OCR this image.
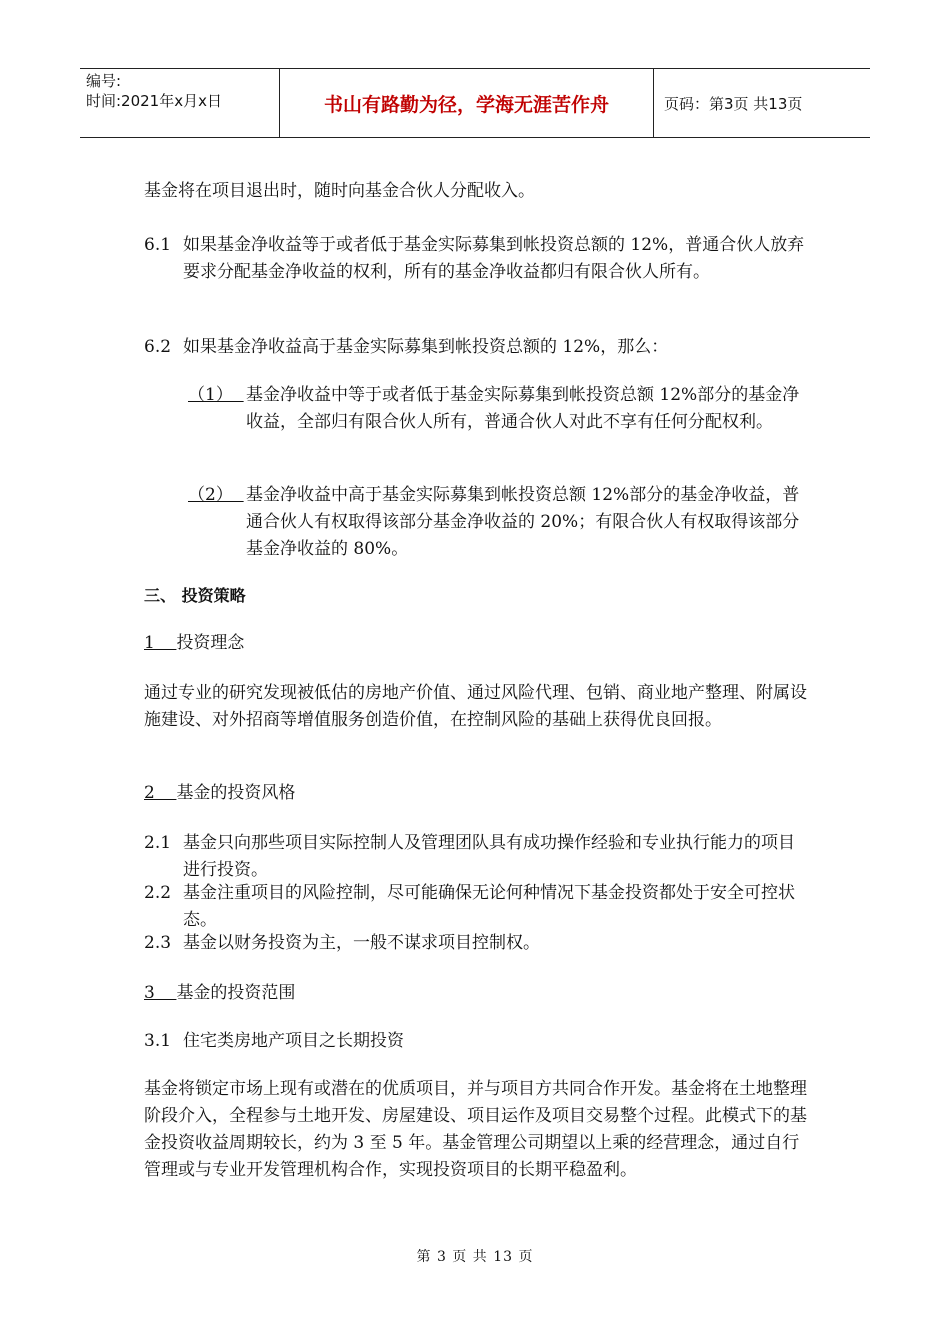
编号:
时间:2021年x月x日	书山有路勤为径，学海无涯苦作舟	页码：第3页 共13页

基金将在项目退出时，随时向基金合伙人分配收入。

6.1 如果基金净收益等于或者低于基金实际募集到帐投资总额的 12%，普通合伙人放弃要求分配基金净收益的权利，所有的基金净收益都归有限合伙人所有。
6.2 如果基金净收益高于基金实际募集到帐投资总额的 12%，那么：
（1） 基金净收益中等于或者低于基金实际募集到帐投资总额 12%部分的基金净收益，全部归有限合伙人所有，普通合伙人对此不享有任何分配权利。
（2） 基金净收益中高于基金实际募集到帐投资总额 12%部分的基金净收益，普通合伙人有权取得该部分基金净收益的 20%；有限合伙人有权取得该部分基金净收益的 80%。
三、 投资策略
1    投资理念

通过专业的研究发现被低估的房地产价值、通过风险代理、包销、商业地产整理、附属设施建设、对外招商等增值服务创造价值，在控制风险的基础上获得优良回报。

2    基金的投资风格
2.1 基金只向那些项目实际控制人及管理团队具有成功操作经验和专业执行能力的项目进行投资。
2.2 基金注重项目的风险控制，尽可能确保无论何种情况下基金投资都处于安全可控状态。
2.3 基金以财务投资为主，一般不谋求项目控制权。
3    基金的投资范围
3.1 住宅类房地产项目之长期投资

基金将锁定市场上现有或潜在的优质项目，并与项目方共同合作开发。基金将在土地整理阶段介入，全程参与土地开发、房屋建设、项目运作及项目交易整个过程。此模式下的基金投资收益周期较长，约为 3 至 5 年。基金管理公司期望以上乘的经营理念，通过自行管理或与专业开发管理机构合作，实现投资项目的长期平稳盈利。

第 3 页 共 13 页
